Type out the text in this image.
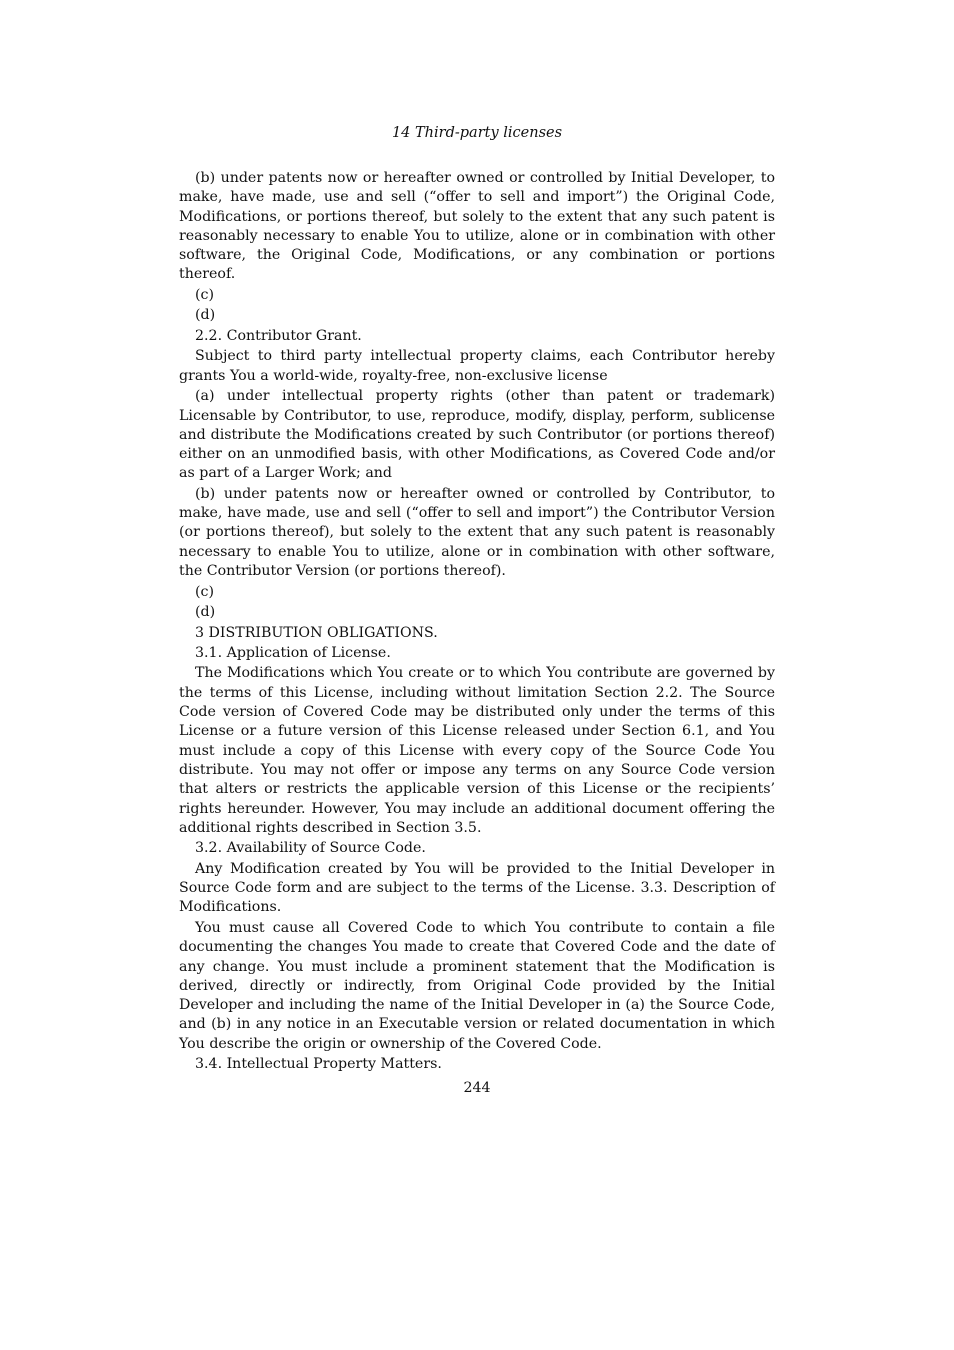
14 Third-party licenses

(b) under patents now or hereafter owned or controlled by Initial Developer, to make, have made, use and sell (“offer to sell and import”) the Original Code, Modifications, or portions thereof, but solely to the extent that any such patent is reasonably necessary to enable You to utilize, alone or in combination with other software, the Original Code, Modifications, or any combination or portions thereof.

(c)

(d)

2.2. Contributor Grant.

Subject to third party intellectual property claims, each Contributor hereby grants You a world-wide, royalty-free, non-exclusive license

(a) under intellectual property rights (other than patent or trademark) Licensable by Contributor, to use, reproduce, modify, display, perform, sublicense and distribute the Modifications created by such Contributor (or portions thereof) either on an unmodified basis, with other Modifications, as Covered Code and/or as part of a Larger Work; and

(b) under patents now or hereafter owned or controlled by Contributor, to make, have made, use and sell (“offer to sell and import”) the Contributor Version (or portions thereof), but solely to the extent that any such patent is reasonably necessary to enable You to utilize, alone or in combination with other software, the Contributor Version (or portions thereof).

(c)

(d)

3 DISTRIBUTION OBLIGATIONS.

3.1. Application of License.

The Modifications which You create or to which You contribute are governed by the terms of this License, including without limitation Section 2.2. The Source Code version of Covered Code may be distributed only under the terms of this License or a future version of this License released under Section 6.1, and You must include a copy of this License with every copy of the Source Code You distribute. You may not offer or impose any terms on any Source Code version that alters or restricts the applicable version of this License or the recipients’ rights hereunder. However, You may include an additional document offering the additional rights described in Section 3.5.

3.2. Availability of Source Code.

Any Modification created by You will be provided to the Initial Developer in Source Code form and are subject to the terms of the License. 3.3. Description of Modifications.

You must cause all Covered Code to which You contribute to contain a file documenting the changes You made to create that Covered Code and the date of any change. You must include a prominent statement that the Modification is derived, directly or indirectly, from Original Code provided by the Initial Developer and including the name of the Initial Developer in (a) the Source Code, and (b) in any notice in an Executable version or related documentation in which You describe the origin or ownership of the Covered Code.

3.4. Intellectual Property Matters.

244
